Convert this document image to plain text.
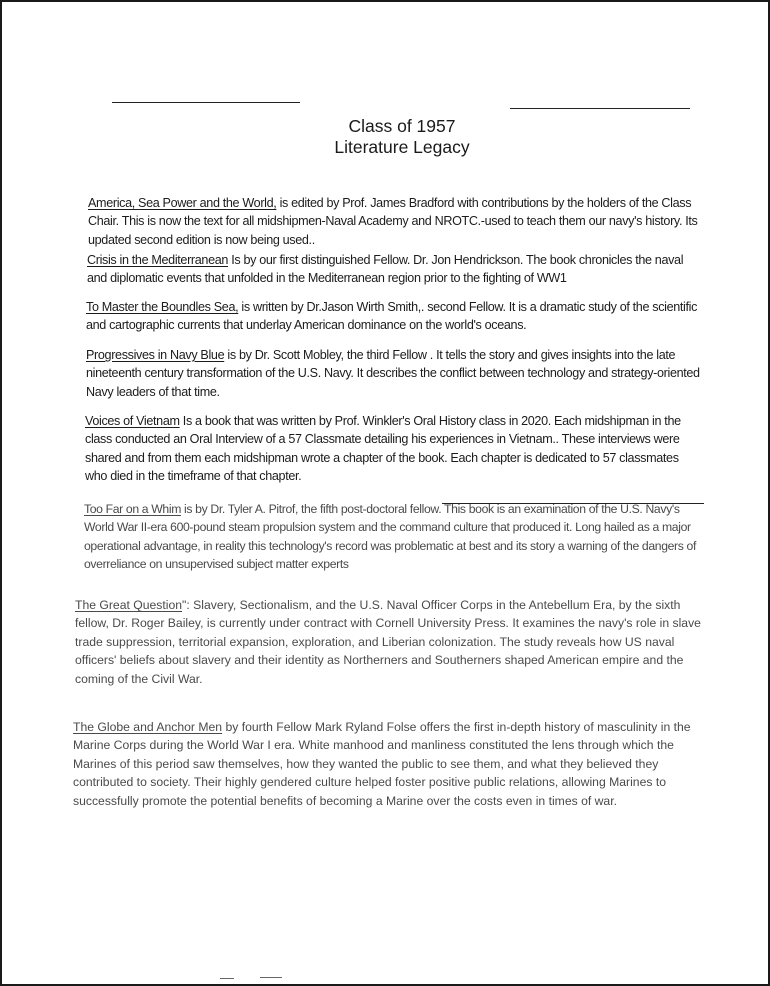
Class of 1957
Literature Legacy
America, Sea Power and the World, is edited by Prof. James Bradford with contributions by the holders of the Class Chair. This is now the text for all midshipmen-Naval Academy and NROTC.-used to teach them our navy's history. Its updated second edition is now being used..
Crisis in the Mediterranean Is by our first distinguished Fellow. Dr. Jon Hendrickson. The book chronicles the naval and diplomatic events that unfolded in the Mediterranean region prior to the fighting of WW1
To Master the Boundles Sea, is written by Dr.Jason Wirth Smith,. second Fellow. It is a dramatic study of the scientific and cartographic currents that underlay American dominance on the world's oceans.
Progressives in Navy Blue is by Dr. Scott Mobley, the third Fellow . It tells the story and gives insights into the late nineteenth century transformation of the U.S. Navy. It describes the conflict between technology and strategy-oriented Navy leaders of that time.
Voices of Vietnam Is a book that was written by Prof. Winkler's Oral History class in 2020. Each midshipman in the class conducted an Oral Interview of a 57 Classmate detailing his experiences in Vietnam.. These interviews were shared and from them each midshipman wrote a chapter of the book. Each chapter is dedicated to 57 classmates who died in the timeframe of that chapter.
Too Far on a Whim is by Dr. Tyler A. Pitrof, the fifth post-doctoral fellow. This book is an examination of the U.S. Navy's World War II-era 600-pound steam propulsion system and the command culture that produced it. Long hailed as a major operational advantage, in reality this technology's record was problematic at best and its story a warning of the dangers of overreliance on unsupervised subject matter experts
The Great Question": Slavery, Sectionalism, and the U.S. Naval Officer Corps in the Antebellum Era, by the sixth fellow, Dr. Roger Bailey, is currently under contract with Cornell University Press. It examines the navy's role in slave trade suppression, territorial expansion, exploration, and Liberian colonization. The study reveals how US naval officers' beliefs about slavery and their identity as Northerners and Southerners shaped American empire and the coming of the Civil War.
The Globe and Anchor Men by fourth Fellow Mark Ryland Folse offers the first in-depth history of masculinity in the Marine Corps during the World War I era. White manhood and manliness constituted the lens through which the Marines of this period saw themselves, how they wanted the public to see them, and what they believed they contributed to society. Their highly gendered culture helped foster positive public relations, allowing Marines to successfully promote the potential benefits of becoming a Marine over the costs even in times of war.
